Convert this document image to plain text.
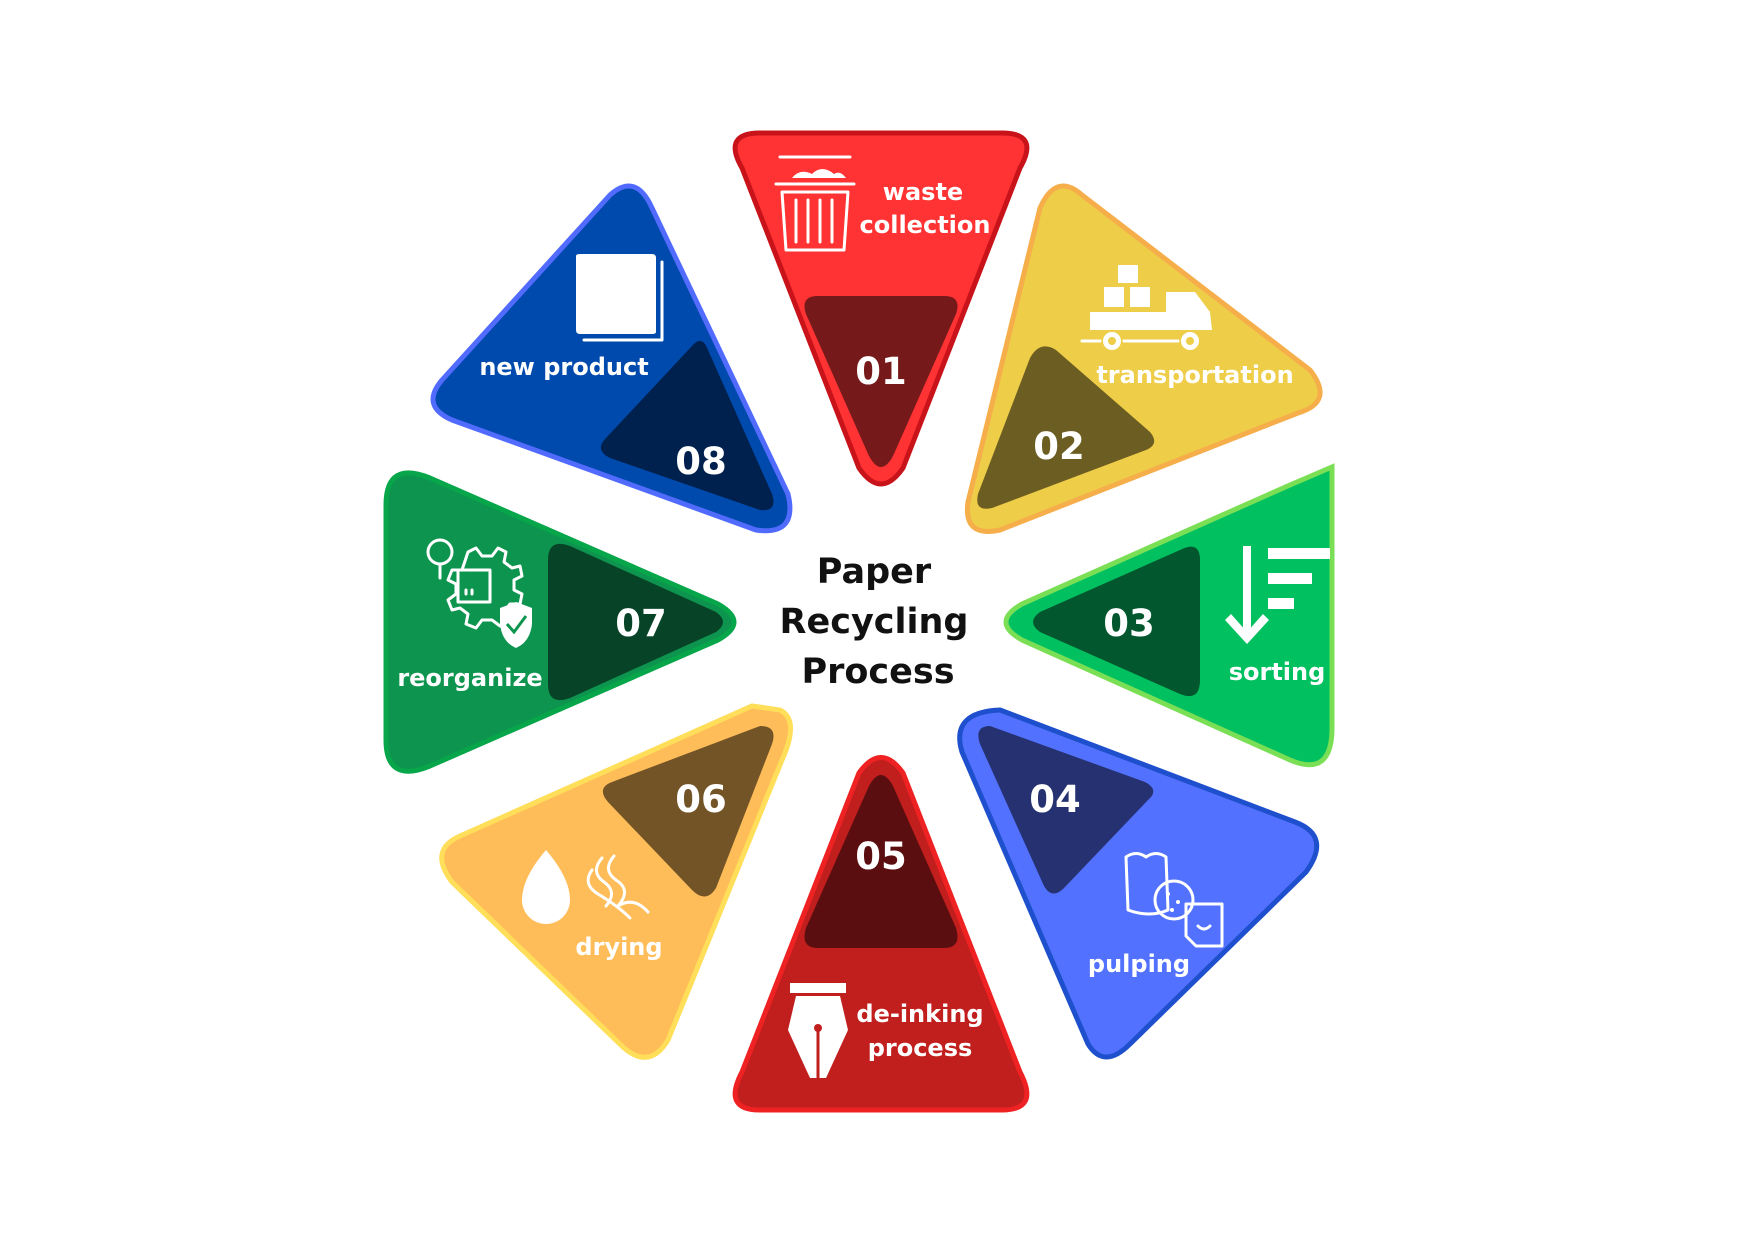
01
waste
collection
02
transportation
03
sorting
04
pulping
05
de-inking
process
06
drying
07
reorganize
08
new product
Paper
Recycling
Process
